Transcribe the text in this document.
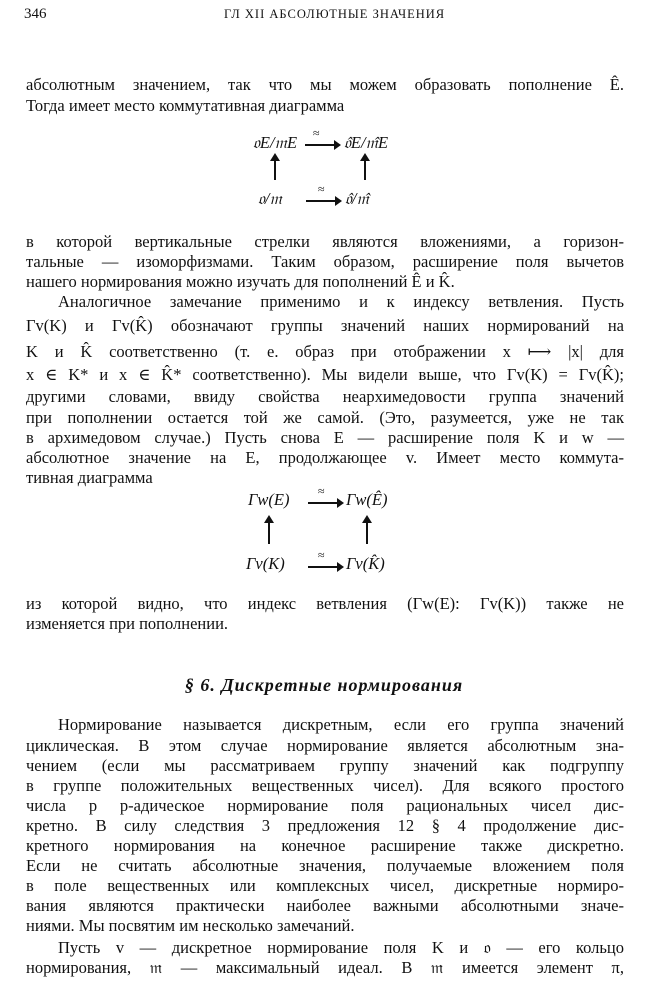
346	ГЛ XII АБСОЛЮТНЫЕ ЗНАЧЕНИЯ
абсолютным значением, так что мы можем образовать пополнение Ê.
Тогда имеет место коммутативная диаграмма
𝔬E/𝔪E ≈ 𝔬̂E/𝔪̂E
𝔬/𝔪	≈ 𝔬̂/𝔪̂
в которой вертикальные стрелки являются вложениями, а горизон-
тальные — изоморфизмами. Таким образом, расширение поля вычетов
нашего нормирования можно изучать для пополнений Ê и K̂.
Аналогичное замечание применимо и к индексу ветвления. Пусть
Γv(K) и Γv(K̂) обозначают группы значений наших нормирований на
K и K̂ соответственно (т. е. образ при отображении x ⟼ |x| для
x ∈ K* и x ∈ K̂* соответственно). Мы видели выше, что Γv(K) = Γv(K̂);
другими словами, ввиду свойства неархимедовости группа значений
при пополнении остается той же самой. (Это, разумеется, уже не так
в архимедовом случае.) Пусть снова E — расширение поля K и w —
абсолютное значение на E, продолжающее v. Имеет место коммута-
тивная диаграмма
Γw(E) ≈ Γw(Ê)
Γv(K)	≈ Γv(K̂)
из которой видно, что индекс ветвления (Γw(E): Γv(K)) также не
изменяется при пополнении.
§ 6. Дискретные нормирования
Нормирование называется дискретным, если его группа значений
циклическая. В этом случае нормирование является абсолютным зна-
чением (если мы рассматриваем группу значений как подгруппу
в группе положительных вещественных чисел). Для всякого простого
числа p p-адическое нормирование поля рациональных чисел дис-
кретно. В силу следствия 3 предложения 12 § 4 продолжение дис-
кретного нормирования на конечное расширение также дискретно.
Если не считать абсолютные значения, получаемые вложением поля
в поле вещественных или комплексных чисел, дискретные нормиро-
вания являются практически наиболее важными абсолютными значе-
ниями. Мы посвятим им несколько замечаний.
Пусть v — дискретное нормирование поля K и 𝔬 — его кольцо
нормирования, 𝔪 — максимальный идеал. В 𝔪 имеется элемент π,
